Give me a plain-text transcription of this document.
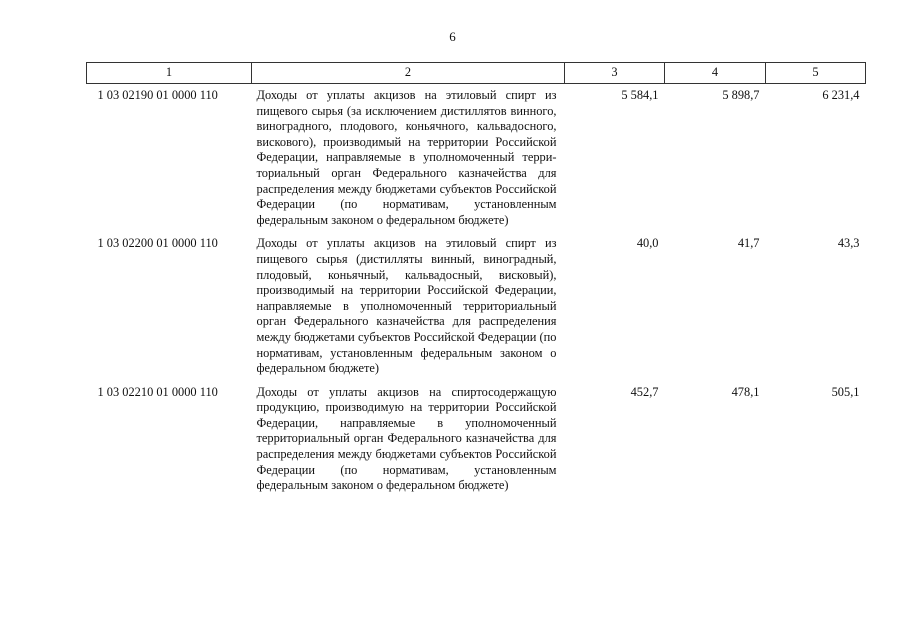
6
1	2	3	4	5
1 03 02190 01 0000 110	Доходы от уплаты акцизов на этиловый спирт из пищевого сырья (за исключением дистиллятов винного, виноградного, плодового, коньячного, кальвадосного, вискового), производимый на территории Российской Федерации, направляемые в уполномоченный территориальный орган Федерального казначейства для распределения между бюджетами субъектов Российской Федерации (по нормативам, установленным федеральным законом о федеральном бюджете)	5 584,1	5 898,7	6 231,4
1 03 02200 01 0000 110	Доходы от уплаты акцизов на этиловый спирт из пищевого сырья (дистилляты винный, виноградный, плодовый, коньячный, кальвадосный, висковый), производимый на территории Российской Федерации, направляемые в уполномоченный территориальный орган Федерального казначейства для распределения между бюджетами субъектов Российской Федерации (по нормативам, установленным федеральным законом о федеральном бюджете)	40,0	41,7	43,3
1 03 02210 01 0000 110	Доходы от уплаты акцизов на спиртосодержащую продукцию, производимую на территории Российской Федерации, направляемые в уполномоченный территориальный орган Федерального казначейства для распределения между бюджетами субъектов Российской Федерации (по нормативам, установленным федеральным законом о федеральном бюджете)	452,7	478,1	505,1
